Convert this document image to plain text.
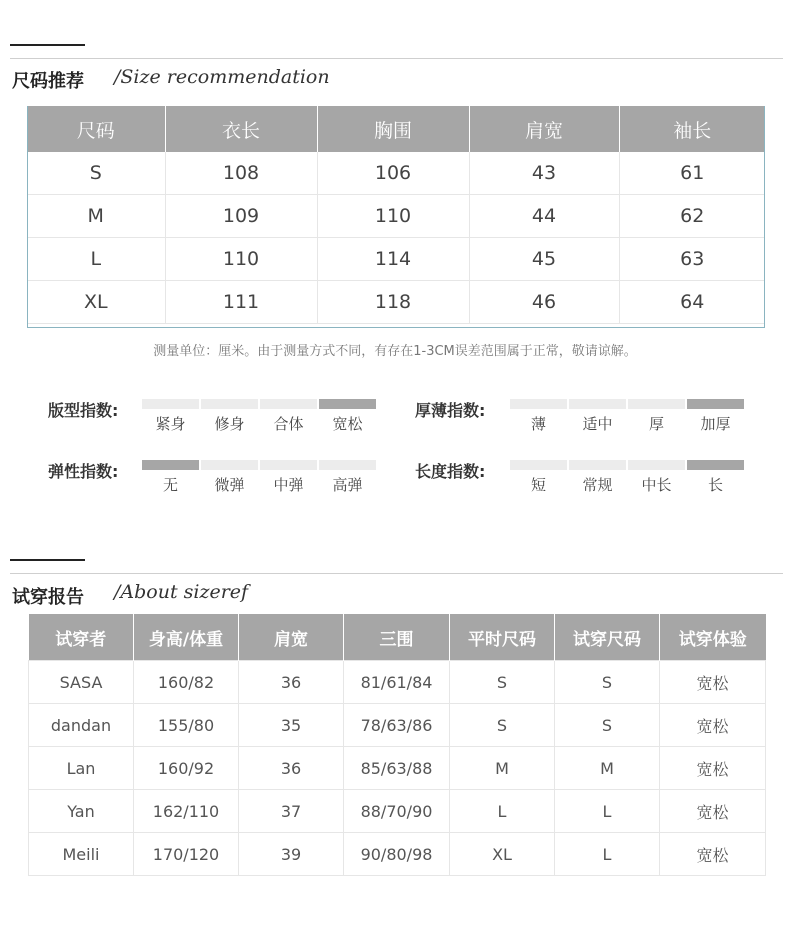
尺码推荐 /Size recommendation
尺码	衣长	胸围	肩宽	袖长
S	108	106	43	61
M	109	110	44	62
L	110	114	45	63
XL	111	118	46	64
测量单位：厘米。由于测量方式不同，有存在1-3CM误差范围属于正常，敬请谅解。
版型指数:
紧身	修身	合体	宽松
厚薄指数:
薄	适中	厚	加厚
弹性指数:
无	微弹	中弹	高弹
长度指数:
短	常规	中长	长
试穿报告 /About sizeref
试穿者	身高/体重	肩宽	三围	平时尺码	试穿尺码	试穿体验
SASA	160/82	36	81/61/84	S	S	宽松
dandan	155/80	35	78/63/86	S	S	宽松
Lan	160/92	36	85/63/88	M	M	宽松
Yan	162/110	37	88/70/90	L	L	宽松
Meili	170/120	39	90/80/98	XL	L	宽松
